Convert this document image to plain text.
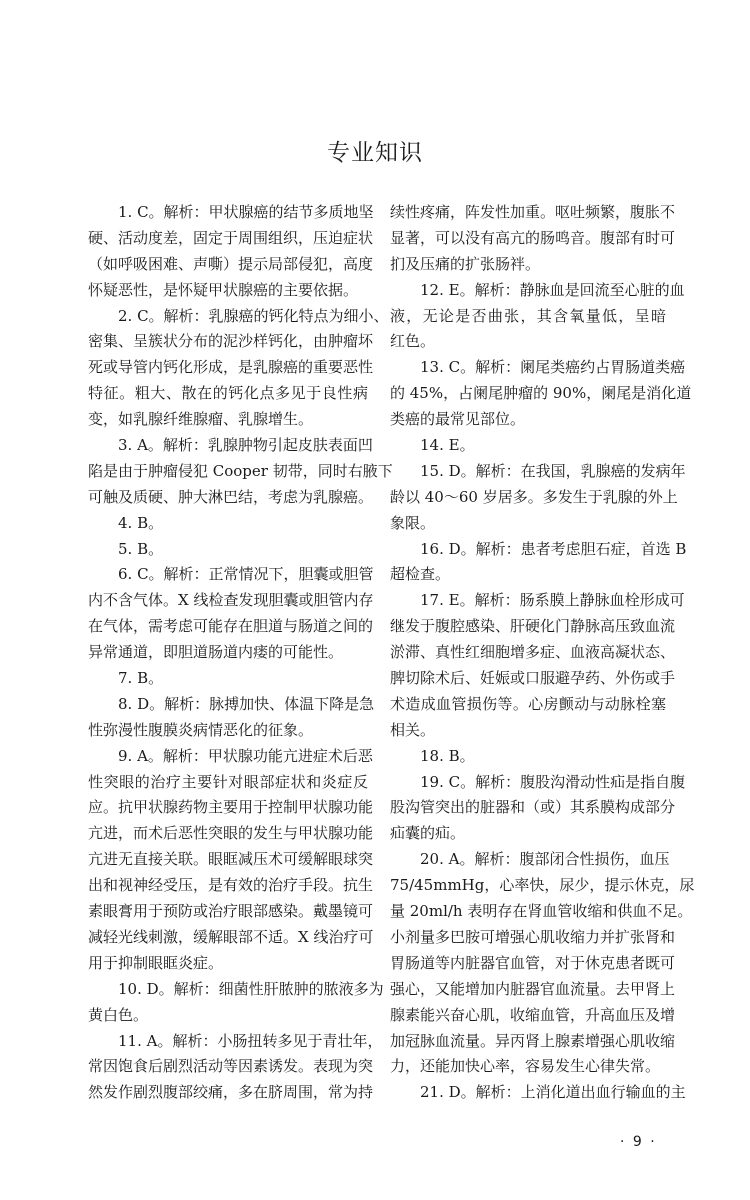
专业知识
1. C。解析：甲状腺癌的结节多质地坚
硬、活动度差，固定于周围组织，压迫症状
（如呼吸困难、声嘶）提示局部侵犯，高度
怀疑恶性，是怀疑甲状腺癌的主要依据。
2. C。解析：乳腺癌的钙化特点为细小、
密集、呈簇状分布的泥沙样钙化，由肿瘤坏
死或导管内钙化形成，是乳腺癌的重要恶性
特征。粗大、散在的钙化点多见于良性病
变，如乳腺纤维腺瘤、乳腺增生。
3. A。解析：乳腺肿物引起皮肤表面凹
陷是由于肿瘤侵犯 Cooper 韧带，同时右腋下
可触及质硬、肿大淋巴结，考虑为乳腺癌。
4. B。
5. B。
6. C。解析：正常情况下，胆囊或胆管
内不含气体。X 线检查发现胆囊或胆管内存
在气体，需考虑可能存在胆道与肠道之间的
异常通道，即胆道肠道内瘘的可能性。
7. B。
8. D。解析：脉搏加快、体温下降是急
性弥漫性腹膜炎病情恶化的征象。
9. A。解析：甲状腺功能亢进症术后恶
性突眼的治疗主要针对眼部症状和炎症反
应。抗甲状腺药物主要用于控制甲状腺功能
亢进，而术后恶性突眼的发生与甲状腺功能
亢进无直接关联。眼眶减压术可缓解眼球突
出和视神经受压，是有效的治疗手段。抗生
素眼膏用于预防或治疗眼部感染。戴墨镜可
减轻光线刺激，缓解眼部不适。X 线治疗可
用于抑制眼眶炎症。
10. D。解析：细菌性肝脓肿的脓液多为
黄白色。
11. A。解析：小肠扭转多见于青壮年，
常因饱食后剧烈活动等因素诱发。表现为突
然发作剧烈腹部绞痛，多在脐周围，常为持
续性疼痛，阵发性加重。呕吐频繁，腹胀不
显著，可以没有高亢的肠鸣音。腹部有时可
扪及压痛的扩张肠袢。
12. E。解析：静脉血是回流至心脏的血
液，无论是否曲张，其含氧量低，呈暗
红色。
13. C。解析：阑尾类癌约占胃肠道类癌
的 45%，占阑尾肿瘤的 90%，阑尾是消化道
类癌的最常见部位。
14. E。
15. D。解析：在我国，乳腺癌的发病年
龄以 40～60 岁居多。多发生于乳腺的外上
象限。
16. D。解析：患者考虑胆石症，首选 B
超检查。
17. E。解析：肠系膜上静脉血栓形成可
继发于腹腔感染、肝硬化门静脉高压致血流
淤滞、真性红细胞增多症、血液高凝状态、
脾切除术后、妊娠或口服避孕药、外伤或手
术造成血管损伤等。心房颤动与动脉栓塞
相关。
18. B。
19. C。解析：腹股沟滑动性疝是指自腹
股沟管突出的脏器和（或）其系膜构成部分
疝囊的疝。
20. A。解析：腹部闭合性损伤，血压
75/45mmHg，心率快，尿少，提示休克，尿
量 20ml/h 表明存在肾血管收缩和供血不足。
小剂量多巴胺可增强心肌收缩力并扩张肾和
胃肠道等内脏器官血管，对于休克患者既可
强心，又能增加内脏器官血流量。去甲肾上
腺素能兴奋心肌，收缩血管，升高血压及增
加冠脉血流量。异丙肾上腺素增强心肌收缩
力，还能加快心率，容易发生心律失常。
21. D。解析：上消化道出血行输血的主
· 9 ·
